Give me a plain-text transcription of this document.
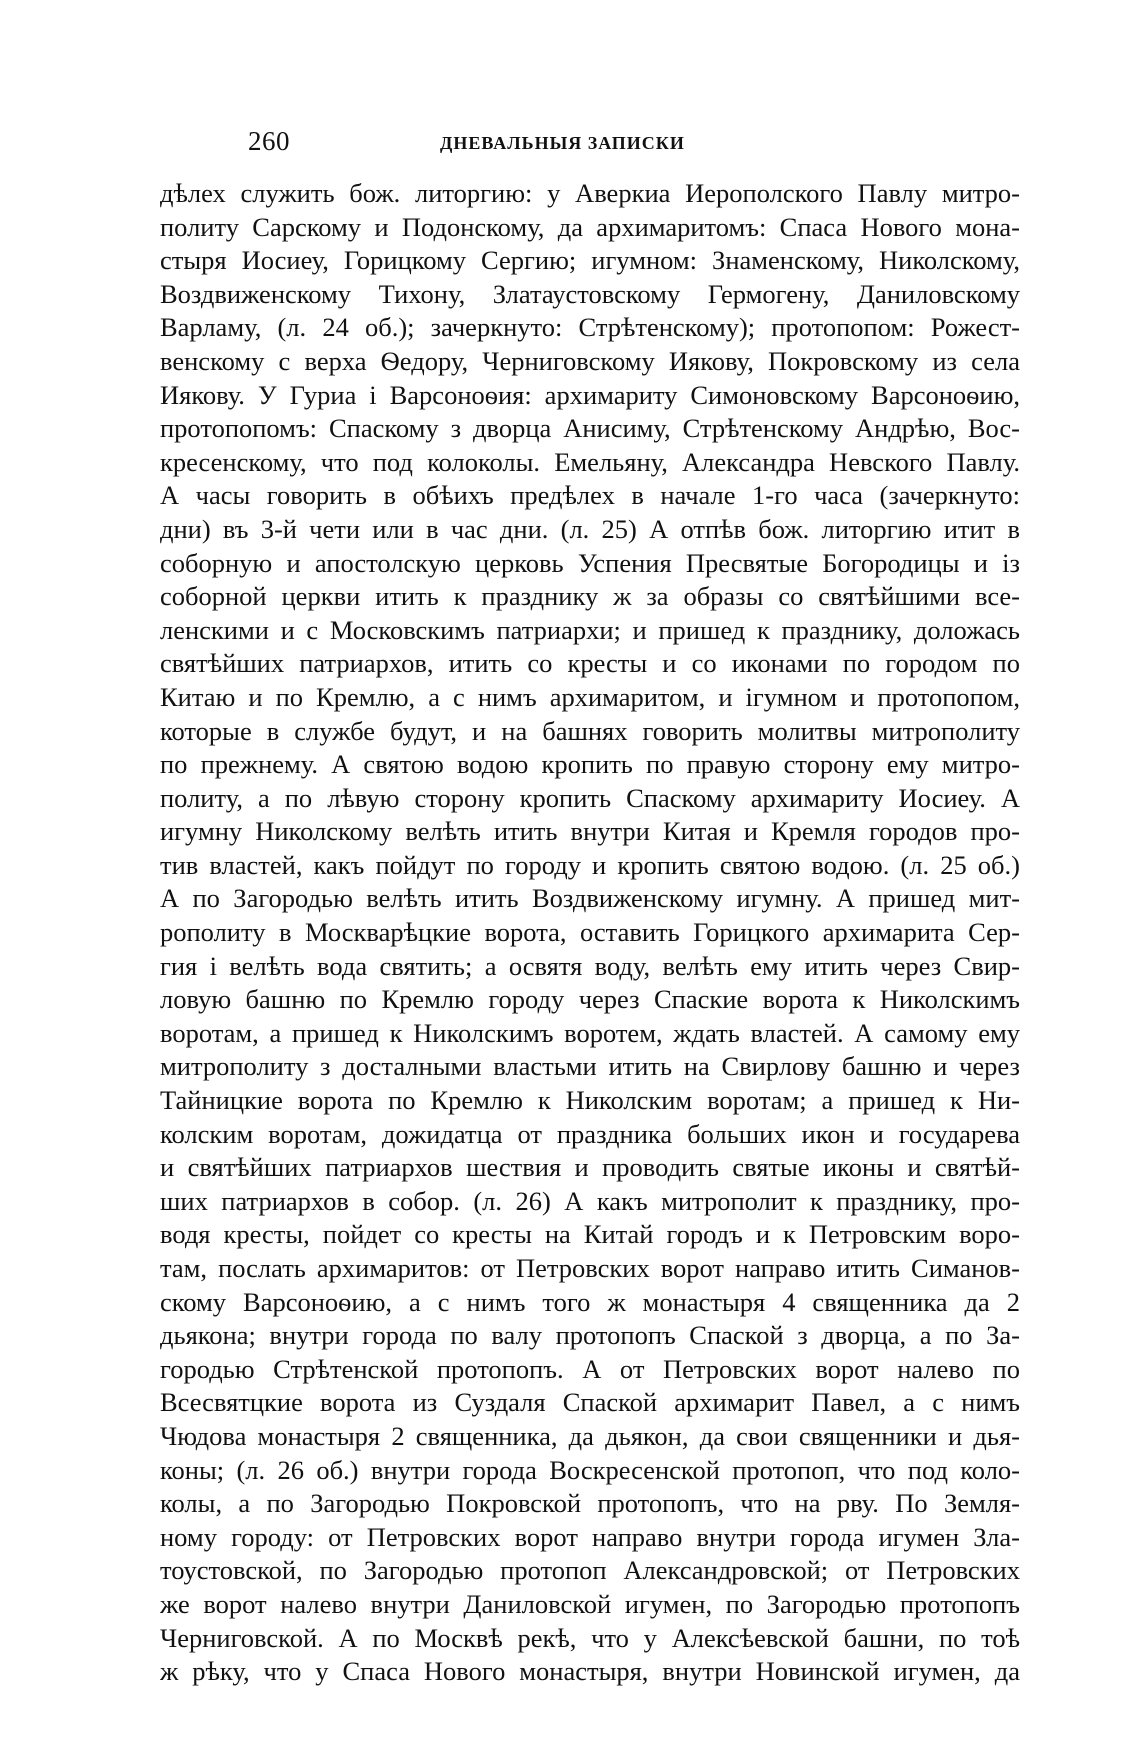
260	ДНЕВАЛЬНЫЯ ЗАПИСКИ
дѣлех служить бож. литоргию: у Аверкиа Иерополского Павлу митро-
политу Сарскому и Подонскому, да архимаритомъ: Спаса Нового мона-
стыря Иосиеу, Горицкому Сергию; игумном: Знаменскому, Николскому,
Воздвиженскому Тихону, Златаустовскому Гермогену, Даниловскому
Варламу, (л. 24 об.); зачеркнуто: Стрѣтенскому); протопопом: Рожест-
венскому с верха Ѳедору, Черниговскому Иякову, Покровскому из села
Иякову. У Гуриа і Варсоноѳия: архимариту Симоновскому Варсоноѳию,
протопопомъ: Спаскому з дворца Анисиму, Стрѣтенскому Андрѣю, Вос-
кресенскому, что под колоколы. Емельяну, Александра Невского Павлу.
А часы говорить в обѣихъ предѣлех в начале 1-го часа (зачеркнуто:
дни) въ 3-й чети или в час дни. (л. 25) А отпѣв бож. литоргию итит в
соборную и апостолскую церковь Успения Пресвятые Богородицы и із
соборной церкви итить к празднику ж за образы со святѣйшими все-
ленскими и с Московскимъ патриархи; и пришед к празднику, доложась
святѣйших патриархов, итить со кресты и со иконами по городом по
Китаю и по Кремлю, а с нимъ архимаритом, и ігумном и протопопом,
которые в службе будут, и на башнях говорить молитвы митрополиту
по прежнему. А святою водою кропить по правую сторону ему митро-
политу, а по лѣвую сторону кропить Спаскому архимариту Иосиеу. А
игумну Николскому велѣть итить внутри Китая и Кремля городов про-
тив властей, какъ пойдут по городу и кропить святою водою. (л. 25 об.)
А по Загородью велѣть итить Воздвиженскому игумну. А пришед мит-
рополиту в Москварѣцкие ворота, оставить Горицкого архимарита Сер-
гия і велѣть вода святить; а освятя воду, велѣть ему итить через Свир-
ловую башню по Кремлю городу через Спаские ворота к Николскимъ
воротам, а пришед к Николскимъ воротем, ждать властей. А самому ему
митрополиту з досталными властьми итить на Свирлову башню и через
Тайницкие ворота по Кремлю к Николским воротам; а пришед к Ни-
колским воротам, дожидатца от праздника больших икон и государева
и святѣйших патриархов шествия и проводить святые иконы и святѣй-
ших патриархов в собор. (л. 26) А какъ митрополит к празднику, про-
водя кресты, пойдет со кресты на Китай городъ и к Петровским воро-
там, послать архимаритов: от Петровских ворот направо итить Симанов-
скому Варсоноѳию, а с нимъ того ж монастыря 4 священника да 2
дьякона; внутри города по валу протопопъ Спаской з дворца, а по За-
городью Стрѣтенской протопопъ. А от Петровских ворот налево по
Всесвятцкие ворота из Суздаля Спаской архимарит Павел, а с нимъ
Чюдова монастыря 2 священника, да дьякон, да свои священники и дья-
коны; (л. 26 об.) внутри города Воскресенской протопоп, что под коло-
колы, а по Загородью Покровской протопопъ, что на рву. По Земля-
ному городу: от Петровских ворот направо внутри города игумен Зла-
тоустовской, по Загородью протопоп Александровской; от Петровских
же ворот налево внутри Даниловской игумен, по Загородью протопопъ
Черниговской. А по Москвѣ рекѣ, что у Алексѣевской башни, по тоѣ
ж рѣку, что у Спаса Нового монастыря, внутри Новинской игумен, да
